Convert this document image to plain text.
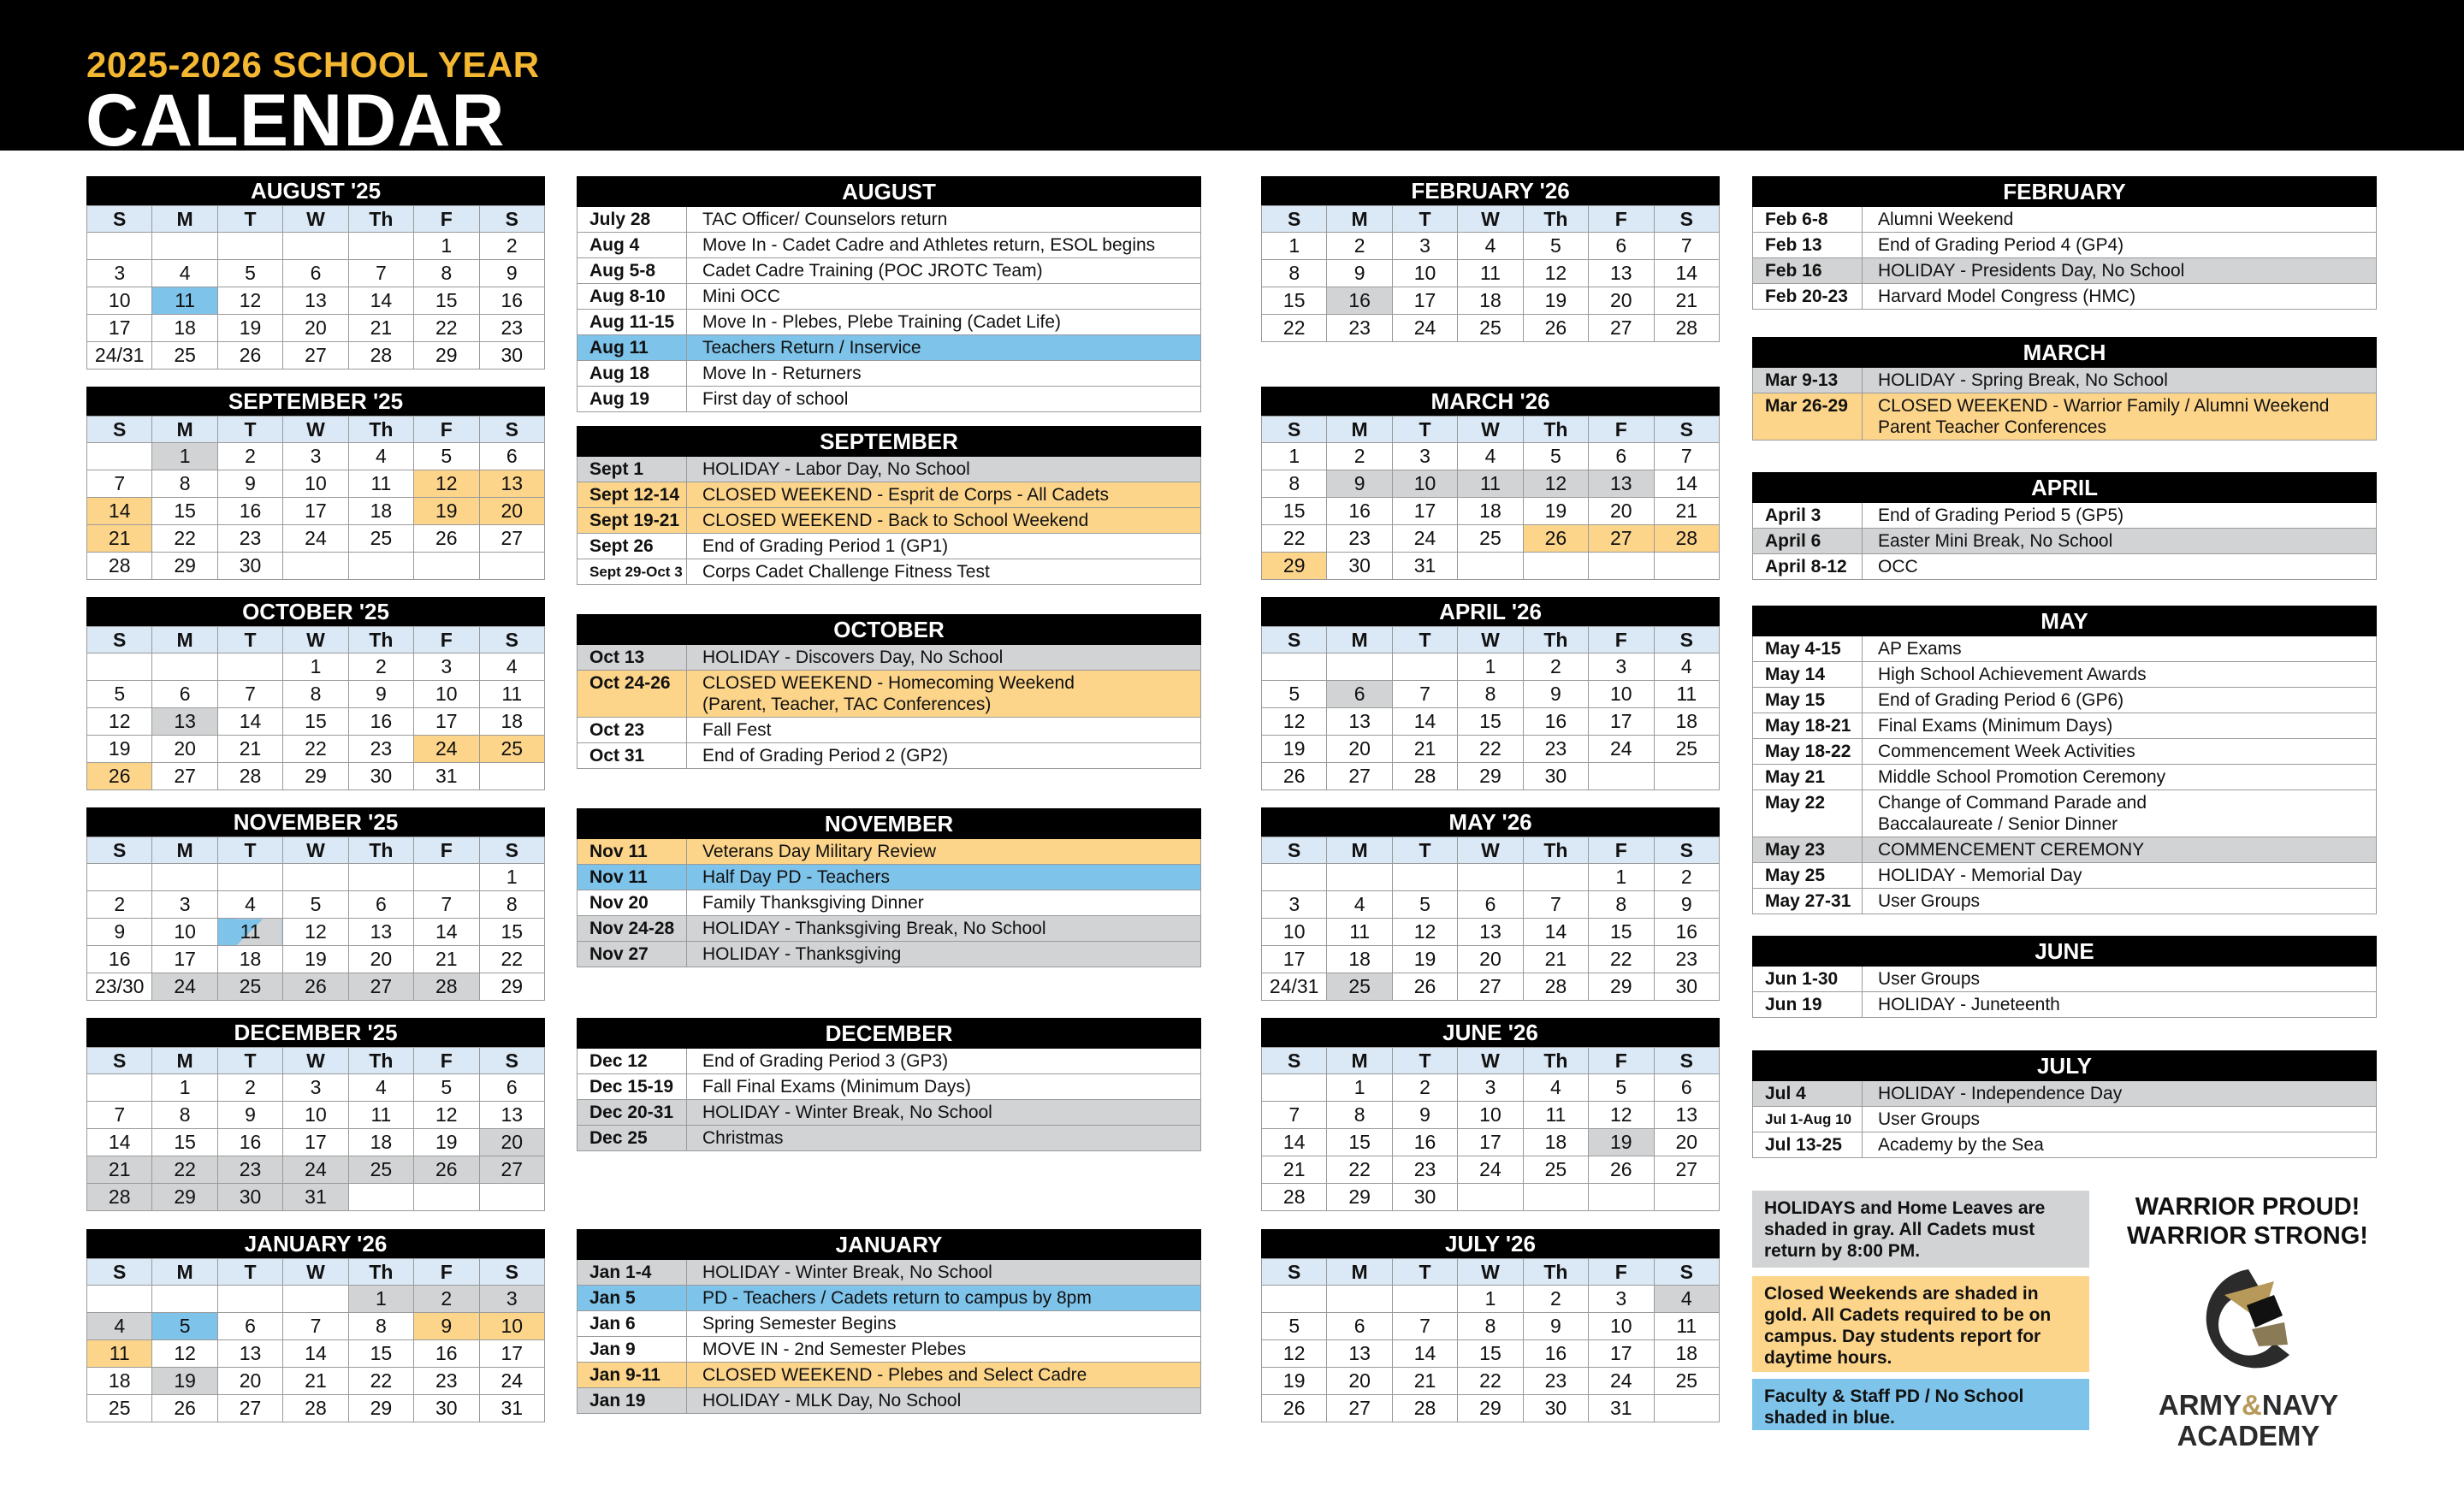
2025-2026 SCHOOL YEAR
CALENDAR
AUGUST '25
S	M	T	W	Th	F	S
					1	2
3	4	5	6	7	8	9
10	11	12	13	14	15	16
17	18	19	20	21	22	23
24/31	25	26	27	28	29	30
SEPTEMBER '25
S	M	T	W	Th	F	S
	1	2	3	4	5	6
7	8	9	10	11	12	13
14	15	16	17	18	19	20
21	22	23	24	25	26	27
28	29	30				
OCTOBER '25
S	M	T	W	Th	F	S
			1	2	3	4
5	6	7	8	9	10	11
12	13	14	15	16	17	18
19	20	21	22	23	24	25
26	27	28	29	30	31	
NOVEMBER '25
S	M	T	W	Th	F	S
						1
2	3	4	5	6	7	8
9	10	11	12	13	14	15
16	17	18	19	20	21	22
23/30	24	25	26	27	28	29
DECEMBER '25
S	M	T	W	Th	F	S
	1	2	3	4	5	6
7	8	9	10	11	12	13
14	15	16	17	18	19	20
21	22	23	24	25	26	27
28	29	30	31			
JANUARY '26
S	M	T	W	Th	F	S
				1	2	3
4	5	6	7	8	9	10
11	12	13	14	15	16	17
18	19	20	21	22	23	24
25	26	27	28	29	30	31
FEBRUARY '26
S	M	T	W	Th	F	S
1	2	3	4	5	6	7
8	9	10	11	12	13	14
15	16	17	18	19	20	21
22	23	24	25	26	27	28
MARCH '26
S	M	T	W	Th	F	S
1	2	3	4	5	6	7
8	9	10	11	12	13	14
15	16	17	18	19	20	21
22	23	24	25	26	27	28
29	30	31				
APRIL '26
S	M	T	W	Th	F	S
			1	2	3	4
5	6	7	8	9	10	11
12	13	14	15	16	17	18
19	20	21	22	23	24	25
26	27	28	29	30		
MAY '26
S	M	T	W	Th	F	S
					1	2
3	4	5	6	7	8	9
10	11	12	13	14	15	16
17	18	19	20	21	22	23
24/31	25	26	27	28	29	30
JUNE '26
S	M	T	W	Th	F	S
	1	2	3	4	5	6
7	8	9	10	11	12	13
14	15	16	17	18	19	20
21	22	23	24	25	26	27
28	29	30				
JULY '26
S	M	T	W	Th	F	S
			1	2	3	4
5	6	7	8	9	10	11
12	13	14	15	16	17	18
19	20	21	22	23	24	25
26	27	28	29	30	31	
AUGUST
July 28	TAC Officer/ Counselors return
Aug 4	Move In - Cadet Cadre and Athletes return, ESOL begins
Aug 5-8	Cadet Cadre Training (POC JROTC Team)
Aug 8-10	Mini OCC
Aug 11-15	Move In - Plebes, Plebe Training (Cadet Life)
Aug 11	Teachers Return / Inservice
Aug 18	Move In - Returners
Aug 19	First day of school
SEPTEMBER
Sept 1	HOLIDAY - Labor Day, No School
Sept 12-14	CLOSED WEEKEND - Esprit de Corps - All Cadets
Sept 19-21	CLOSED WEEKEND - Back to School Weekend
Sept 26	End of Grading Period 1 (GP1)
Sept 29-Oct 3	Corps Cadet Challenge Fitness Test
OCTOBER
Oct 13	HOLIDAY - Discovers Day, No School
Oct 24-26	CLOSED WEEKEND - Homecoming Weekend
(Parent, Teacher, TAC Conferences)
Oct 23	Fall Fest
Oct 31	End of Grading Period 2 (GP2)
NOVEMBER
Nov 11	Veterans Day Military Review
Nov 11	Half Day PD - Teachers
Nov 20	Family Thanksgiving Dinner
Nov 24-28	HOLIDAY - Thanksgiving Break, No School
Nov 27	HOLIDAY - Thanksgiving
DECEMBER
Dec 12	End of Grading Period 3 (GP3)
Dec 15-19	Fall Final Exams (Minimum Days)
Dec 20-31	HOLIDAY - Winter Break, No School
Dec 25	Christmas
JANUARY
Jan 1-4	HOLIDAY - Winter Break, No School
Jan 5	PD - Teachers / Cadets return to campus by 8pm
Jan 6	Spring Semester Begins
Jan 9	MOVE IN - 2nd Semester Plebes
Jan 9-11	CLOSED WEEKEND - Plebes and Select Cadre
Jan 19	HOLIDAY - MLK Day, No School
FEBRUARY
Feb 6-8	Alumni Weekend
Feb 13	End of Grading Period 4 (GP4)
Feb 16	HOLIDAY - Presidents Day, No School
Feb 20-23	Harvard Model Congress (HMC)
MARCH
Mar 9-13	HOLIDAY - Spring Break, No School
Mar 26-29	CLOSED WEEKEND - Warrior Family / Alumni Weekend
Parent Teacher Conferences
APRIL
April 3	End of Grading Period 5 (GP5)
April 6	Easter Mini Break, No School
April 8-12	OCC
MAY
May 4-15	AP Exams
May 14	High School Achievement Awards
May 15	End of Grading Period 6 (GP6)
May 18-21	Final Exams (Minimum Days)
May 18-22	Commencement Week Activities
May 21	Middle School Promotion Ceremony
May 22	Change of Command Parade and
Baccalaureate / Senior Dinner
May 23	COMMENCEMENT CEREMONY
May 25	HOLIDAY - Memorial Day
May 27-31	User Groups
JUNE
Jun 1-30	User Groups
Jun 19	HOLIDAY - Juneteenth
JULY
Jul 4	HOLIDAY - Independence Day
Jul 1-Aug 10	User Groups
Jul 13-25	Academy by the Sea
HOLIDAYS and Home Leaves are shaded in gray. All Cadets must return by 8:00 PM.
Closed Weekends are shaded in gold. All Cadets required to be on campus. Day students report for daytime hours.
Faculty & Staff PD / No School shaded in blue.
WARRIOR PROUD!
WARRIOR STRONG!
ARMY&NAVY
ACADEMY
